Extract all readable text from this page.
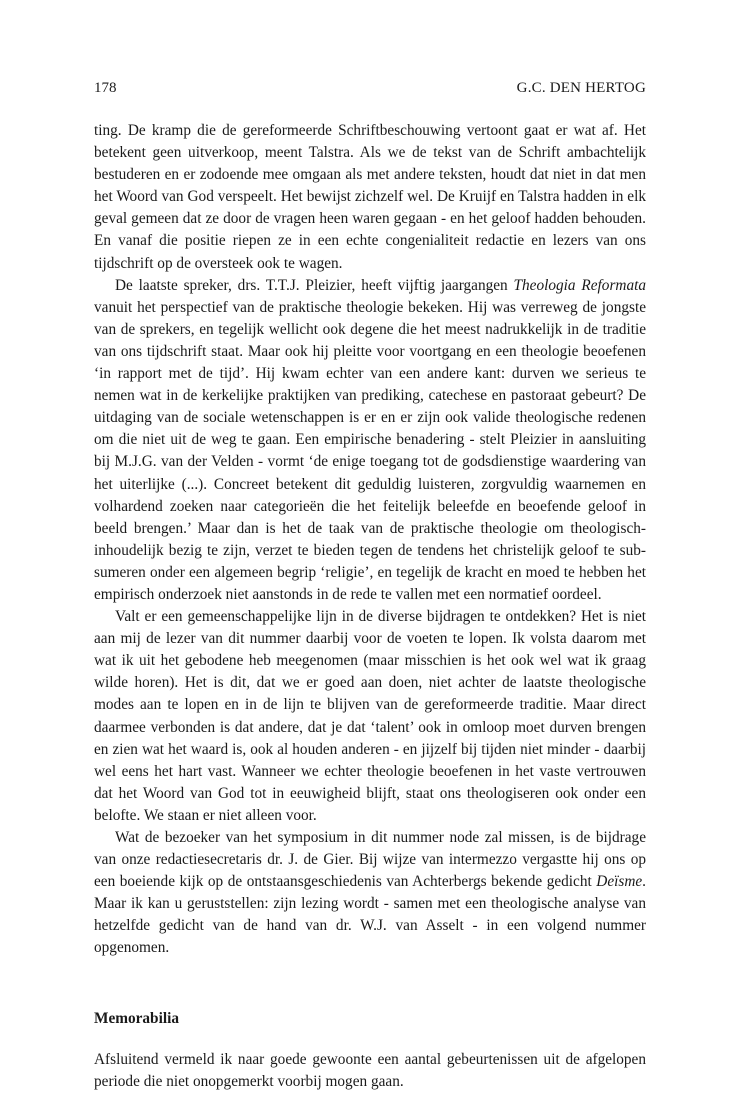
178	G.C. DEN HERTOG

ting. De kramp die de gereformeerde Schriftbeschouwing vertoont gaat er wat af. Het betekent geen uitverkoop, meent Talstra. Als we de tekst van de Schrift ambachtelijk bestuderen en er zodoende mee omgaan als met andere teksten, houdt dat niet in dat men het Woord van God verspeelt. Het bewijst zichzelf wel. De Kruijf en Talstra hadden in elk geval gemeen dat ze door de vragen heen waren gegaan - en het geloof hadden behouden. En vanaf die positie riepen ze in een echte congenialiteit redactie en lezers van ons tijdschrift op de oversteek ook te wagen.

De laatste spreker, drs. T.T.J. Pleizier, heeft vijftig jaargangen Theologia Reformata vanuit het perspectief van de praktische theologie bekeken. Hij was verreweg de jongste van de sprekers, en tegelijk wellicht ook degene die het meest nadrukkelijk in de traditie van ons tijdschrift staat. Maar ook hij pleitte voor voortgang en een theologie beoefenen ‘in rapport met de tijd’. Hij kwam echter van een andere kant: durven we serieus te nemen wat in de kerkelijke praktijken van prediking, catechese en pastoraat gebeurt? De uitdaging van de sociale wetenschappen is er en er zijn ook valide theologische redenen om die niet uit de weg te gaan. Een empirische benadering - stelt Pleizier in aansluiting bij M.J.G. van der Velden - vormt ‘de enige toegang tot de godsdienstige waardering van het uiterlijke (...). Concreet betekent dit geduldig luisteren, zorgvuldig waarnemen en volhardend zoeken naar categorieën die het feitelijk beleefde en beoefende geloof in beeld brengen.’ Maar dan is het de taak van de praktische theologie om theologisch-inhoudelijk bezig te zijn, verzet te bieden tegen de tendens het christelijk geloof te subsumeren onder een algemeen begrip ‘religie’, en tegelijk de kracht en moed te hebben het empirisch onderzoek niet aanstonds in de rede te vallen met een normatief oordeel.

Valt er een gemeenschappelijke lijn in de diverse bijdragen te ontdekken? Het is niet aan mij de lezer van dit nummer daarbij voor de voeten te lopen. Ik volsta daarom met wat ik uit het gebodene heb meegenomen (maar misschien is het ook wel wat ik graag wilde horen). Het is dit, dat we er goed aan doen, niet achter de laatste theologische modes aan te lopen en in de lijn te blijven van de gereformeerde traditie. Maar direct daarmee verbonden is dat andere, dat je dat ‘talent’ ook in omloop moet durven brengen en zien wat het waard is, ook al houden anderen - en jijzelf bij tijden niet minder - daarbij wel eens het hart vast. Wanneer we echter theologie beoefenen in het vaste vertrouwen dat het Woord van God tot in eeuwigheid blijft, staat ons theologiseren ook onder een belofte. We staan er niet alleen voor.

Wat de bezoeker van het symposium in dit nummer node zal missen, is de bijdrage van onze redactiesecretaris dr. J. de Gier. Bij wijze van intermezzo vergastte hij ons op een boeiende kijk op de ontstaansgeschiedenis van Achterbergs bekende gedicht Deïsme. Maar ik kan u geruststellen: zijn lezing wordt - samen met een theologische analyse van hetzelfde gedicht van de hand van dr. W.J. van Asselt - in een volgend nummer opgenomen.

Memorabilia

Afsluitend vermeld ik naar goede gewoonte een aantal gebeurtenissen uit de afgelopen periode die niet onopgemerkt voorbij mogen gaan.
